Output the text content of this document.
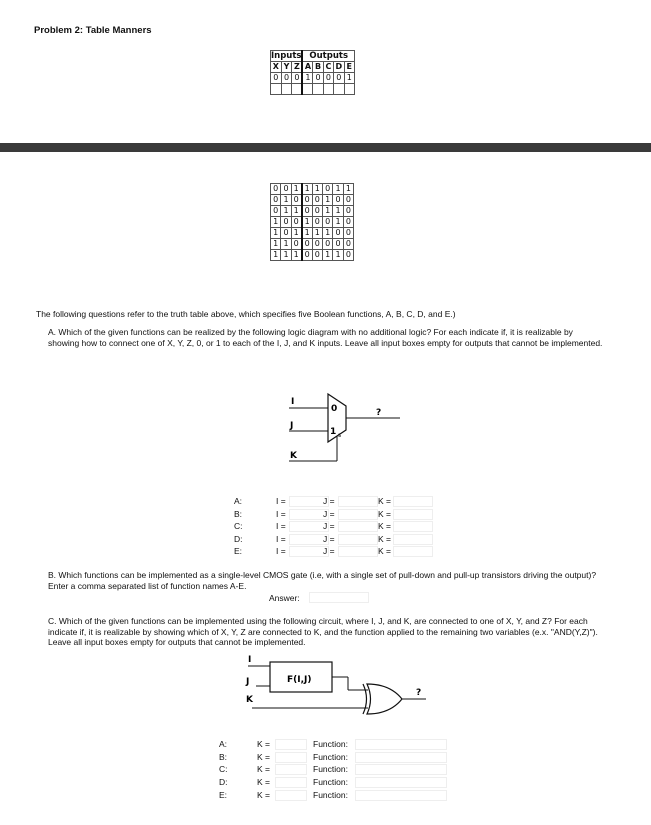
Problem 2: Table Manners
Inputs			Outputs				
X	Y	Z	A	B	C	D	E
0	0	0	1	0	0	0	1

0	0	1	1	1	0	1	1
0	1	0	0	0	1	0	0
0	1	1	0	0	1	1	0
1	0	0	1	0	0	1	0
1	0	1	1	1	1	0	0
1	1	0	0	0	0	0	0
1	1	1	0	0	1	1	0
The following questions refer to the truth table above, which specifies five Boolean functions, A, B, C, D, and E.)
A. Which of the given functions can be realized by the following logic diagram with no additional logic? For each indicate if, it is realizable by showing how to connect one of X, Y, Z, 0, or 1 to each of the I, J, and K inputs. Leave all input boxes empty for outputs that cannot be implemented.
I
J
K
0
1 s
?
A:	I =	J =	K =
B:	I =	J =	K =
C:	I =	J =	K =
D:	I =	J =	K =
E:	I =	J =	K =
B. Which functions can be implemented as a single-level CMOS gate (i.e, with a single set of pull-down and pull-up transistors driving the output)? Enter a comma separated list of function names A-E.
Answer:
C. Which of the given functions can be implemented using the following circuit, where I, J, and K, are connected to one of X, Y, and Z? For each indicate if, it is realizable by showing which of X, Y, Z are connected to K, and the function applied to the remaining two variables (e.x. "AND(Y,Z)"). Leave all input boxes empty for outputs that cannot be implemented.
I
J
K
F(I,J)
?
A:	K =	Function:
B:	K =	Function:
C:	K =	Function:
D:	K =	Function:
E:	K =	Function:
